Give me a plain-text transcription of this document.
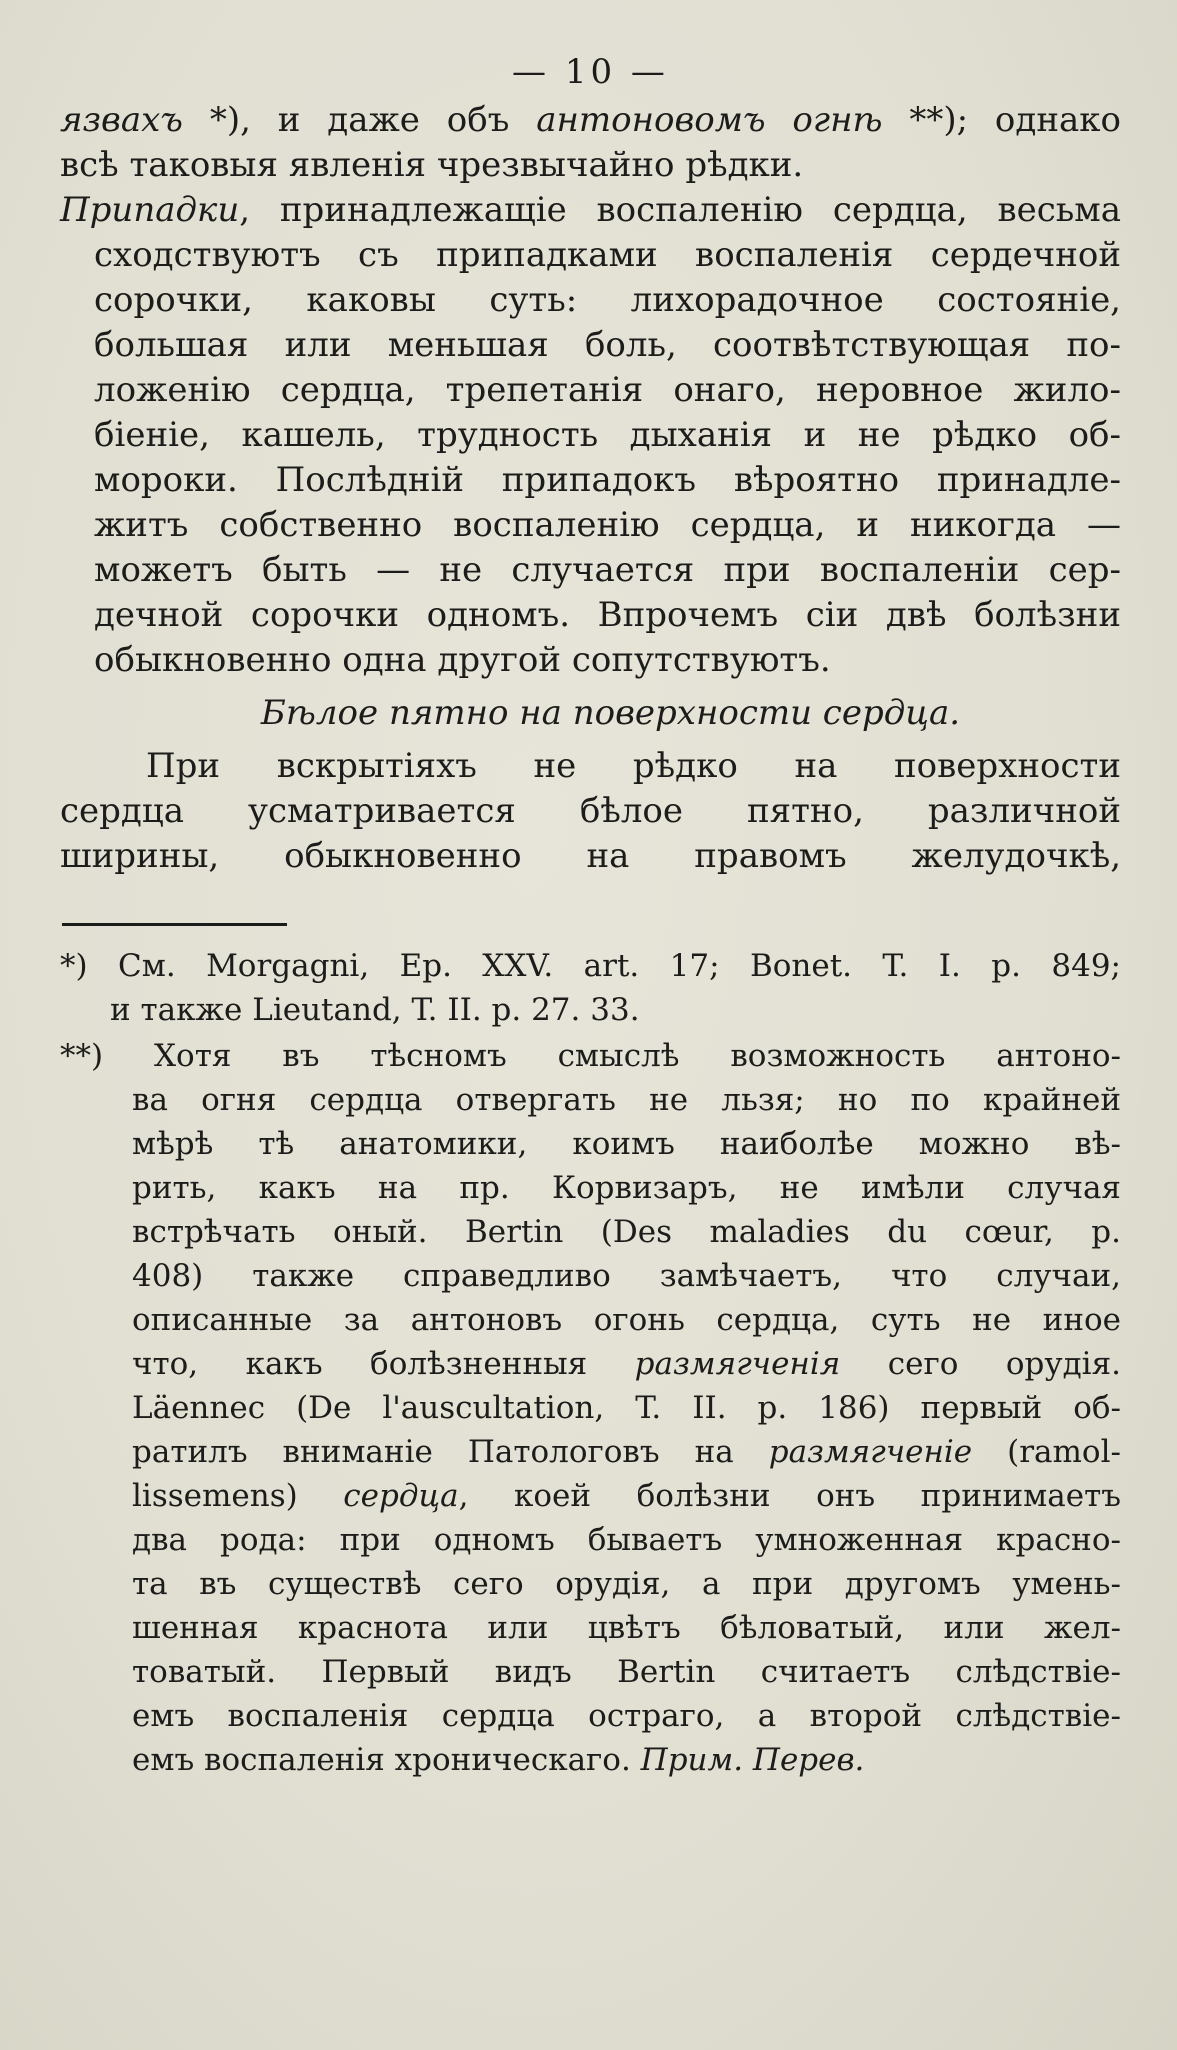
— 10 —

язвахъ *), и даже объ антоновомъ огнѣ **); однако
всѣ таковыя явленія чрезвычайно рѣдки.

Припадки, принадлежащіе воспаленію сердца, весьма
сходствуютъ съ припадками воспаленія сердечной
сорочки, каковы суть: лихорадочное состояніе,
большая или меньшая боль, соотвѣтствующая по-
ложенію сердца, трепетанія онаго, неровное жило-
біеніе, кашель, трудность дыханія и не рѣдко об-
мороки. Послѣдній припадокъ вѣроятно принадле-
житъ собственно воспаленію сердца, и никогда —
можетъ быть — не случается при воспаленіи сер-
дечной сорочки одномъ. Впрочемъ сіи двѣ болѣзни
обыкновенно одна другой сопутствуютъ.

Бѣлое пятно на поверхности сердца.

При вскрытіяхъ не рѣдко на поверхности
сердца усматривается бѣлое пятно, различной
ширины, обыкновенно на правомъ желудочкѣ,

*) См. Morgagni, Ep. XXV. art. 17; Bonet. T. I. p. 849;
и также Lieutand, T. II. p. 27. 33.

**) Хотя въ тѣсномъ смыслѣ возможность антоно-
ва огня сердца отвергать не льзя; но по крайней
мѣрѣ тѣ анатомики, коимъ наиболѣе можно вѣ-
рить, какъ на пр. Корвизаръ, не имѣли случая
встрѣчать оный. Bertin (Des maladies du cœur, p.
408) также справедливо замѣчаетъ, что случаи,
описанные за антоновъ огонь сердца, суть не иное
что, какъ болѣзненныя размягченія сего орудія.
Läennec (De l'auscultation, T. II. p. 186) первый об-
ратилъ вниманіе Патологовъ на размягченіе (ramol-
lissemens) сердца, коей болѣзни онъ принимаетъ
два рода: при одномъ бываетъ умноженная красно-
та въ существѣ сего орудія, а при другомъ умень-
шенная краснота или цвѣтъ бѣловатый, или жел-
товатый. Первый видъ Bertin считаетъ слѣдствіе-
емъ воспаленія сердца остраго, а второй слѣдствіе-
емъ воспаленія хроническаго. Прим. Перев.
